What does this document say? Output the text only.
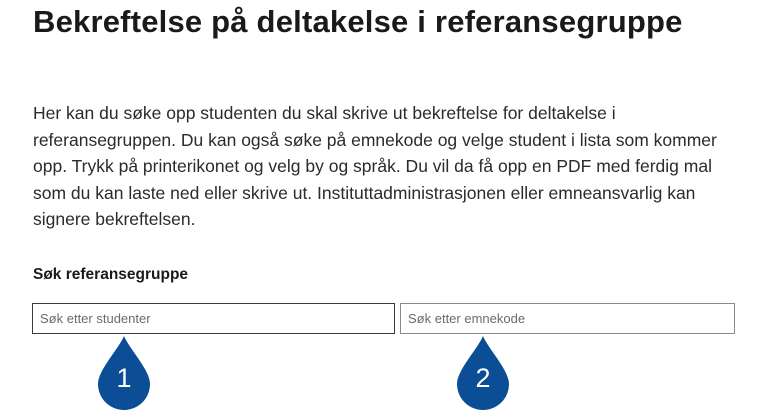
Bekreftelse på deltakelse i referansegruppe

Her kan du søke opp studenten du skal skrive ut bekreftelse for deltakelse i referansegruppen. Du kan også søke på emnekode og velge student i lista som kommer opp. Trykk på printerikonet og velg by og språk. Du vil da få opp en PDF med ferdig mal som du kan laste ned eller skrive ut. Instituttadministrasjonen eller emneansvarlig kan signere bekreftelsen.

Søk referansegruppe
Søk etter studenter
Søk etter emnekode
1	2
